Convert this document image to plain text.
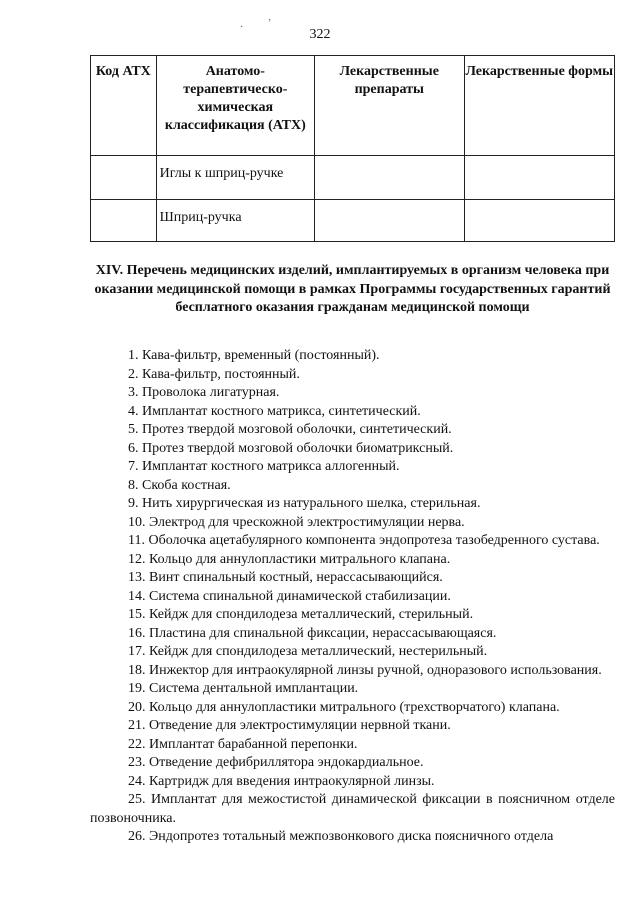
· ʼ
322
Код АТХ	Анатомо-терапевтическо-химическая классификация (АТХ)	Лекарственные препараты	Лекарственные формы

	Иглы к шприц-ручке		

	Шприц-ручка		

XIV. Перечень медицинских изделий, имплантируемых в организм человека при оказании медицинской помощи в рамках Программы государственных гарантий бесплатного оказания гражданам медицинской помощи

1. Кава-фильтр, временный (постоянный).

2. Кава-фильтр, постоянный.

3. Проволока лигатурная.

4. Имплантат костного матрикса, синтетический.

5. Протез твердой мозговой оболочки, синтетический.

6. Протез твердой мозговой оболочки биоматриксный.

7. Имплантат костного матрикса аллогенный.

8. Скоба костная.

9. Нить хирургическая из натурального шелка, стерильная.

10. Электрод для чрескожной электростимуляции нерва.

11. Оболочка ацетабулярного компонента эндопротеза тазобедренного сустава.

12. Кольцо для аннулопластики митрального клапана.

13. Винт спинальный костный, нерассасывающийся.

14. Система спинальной динамической стабилизации.

15. Кейдж для спондилодеза металлический, стерильный.

16. Пластина для спинальной фиксации, нерассасывающаяся.

17. Кейдж для спондилодеза металлический, нестерильный.

18. Инжектор для интраокулярной линзы ручной, одноразового использования.

19. Система дентальной имплантации.

20. Кольцо для аннулопластики митрального (трехстворчатого) клапана.

21. Отведение для электростимуляции нервной ткани.

22. Имплантат барабанной перепонки.

23. Отведение дефибриллятора эндокардиальное.

24. Картридж для введения интраокулярной линзы.

25. Имплантат для межостистой динамической фиксации в поясничном отделе позвоночника.

26. Эндопротез тотальный межпозвонкового диска поясничного отдела
